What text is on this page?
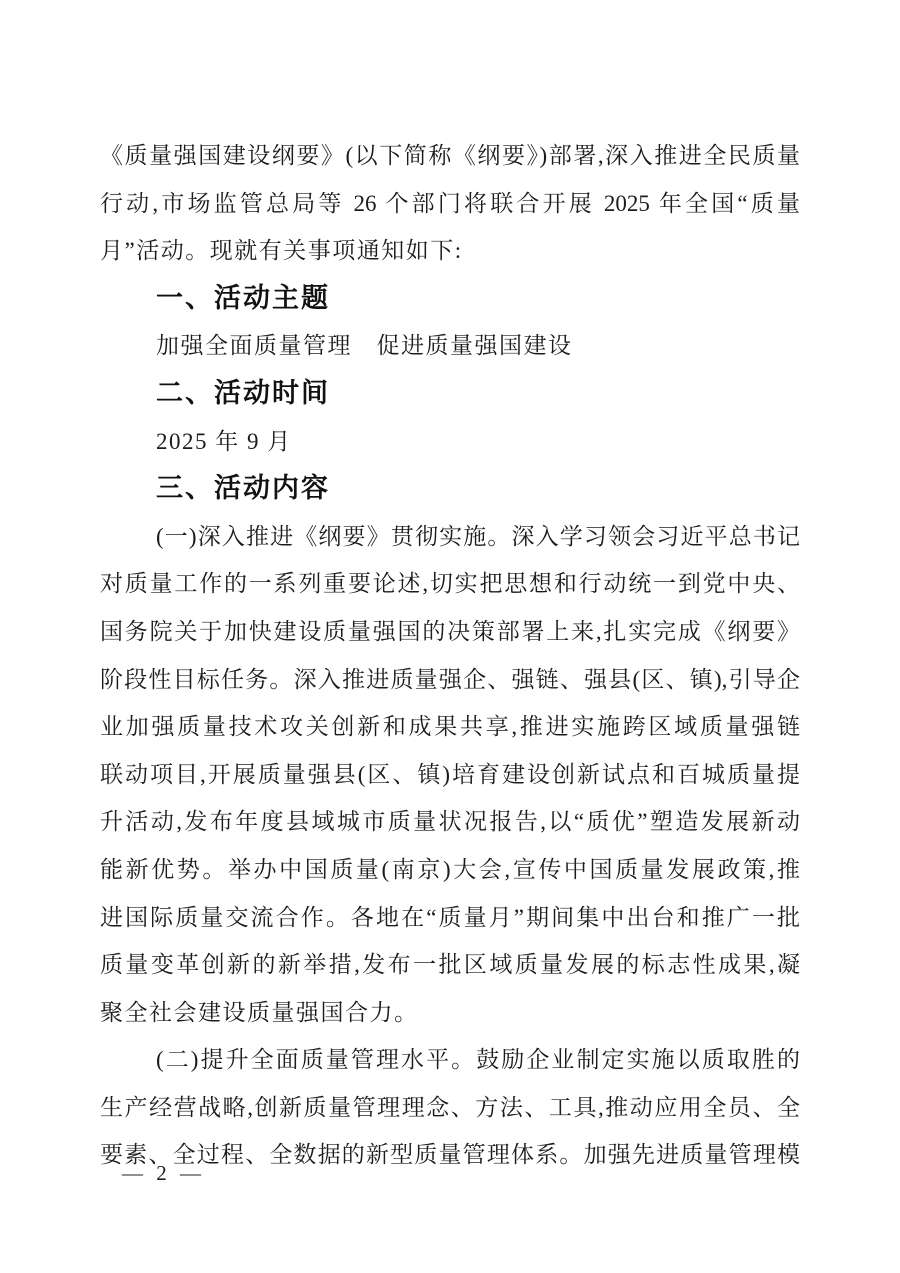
《质量强国建设纲要》(以下简称《纲要》)部署,深入推进全民质量

行动,市场监管总局等 26 个部门将联合开展 2025 年全国“质量

月”活动。现就有关事项通知如下:

一、活动主题

加强全面质量管理　促进质量强国建设

二、活动时间

2025 年 9 月

三、活动内容

(一)深入推进《纲要》贯彻实施。深入学习领会习近平总书记

对质量工作的一系列重要论述,切实把思想和行动统一到党中央、

国务院关于加快建设质量强国的决策部署上来,扎实完成《纲要》

阶段性目标任务。深入推进质量强企、强链、强县(区、镇),引导企

业加强质量技术攻关创新和成果共享,推进实施跨区域质量强链

联动项目,开展质量强县(区、镇)培育建设创新试点和百城质量提

升活动,发布年度县域城市质量状况报告,以“质优”塑造发展新动

能新优势。举办中国质量(南京)大会,宣传中国质量发展政策,推

进国际质量交流合作。各地在“质量月”期间集中出台和推广一批

质量变革创新的新举措,发布一批区域质量发展的标志性成果,凝

聚全社会建设质量强国合力。

(二)提升全面质量管理水平。鼓励企业制定实施以质取胜的

生产经营战略,创新质量管理理念、方法、工具,推动应用全员、全

要素、全过程、全数据的新型质量管理体系。加强先进质量管理模

— 2 —
